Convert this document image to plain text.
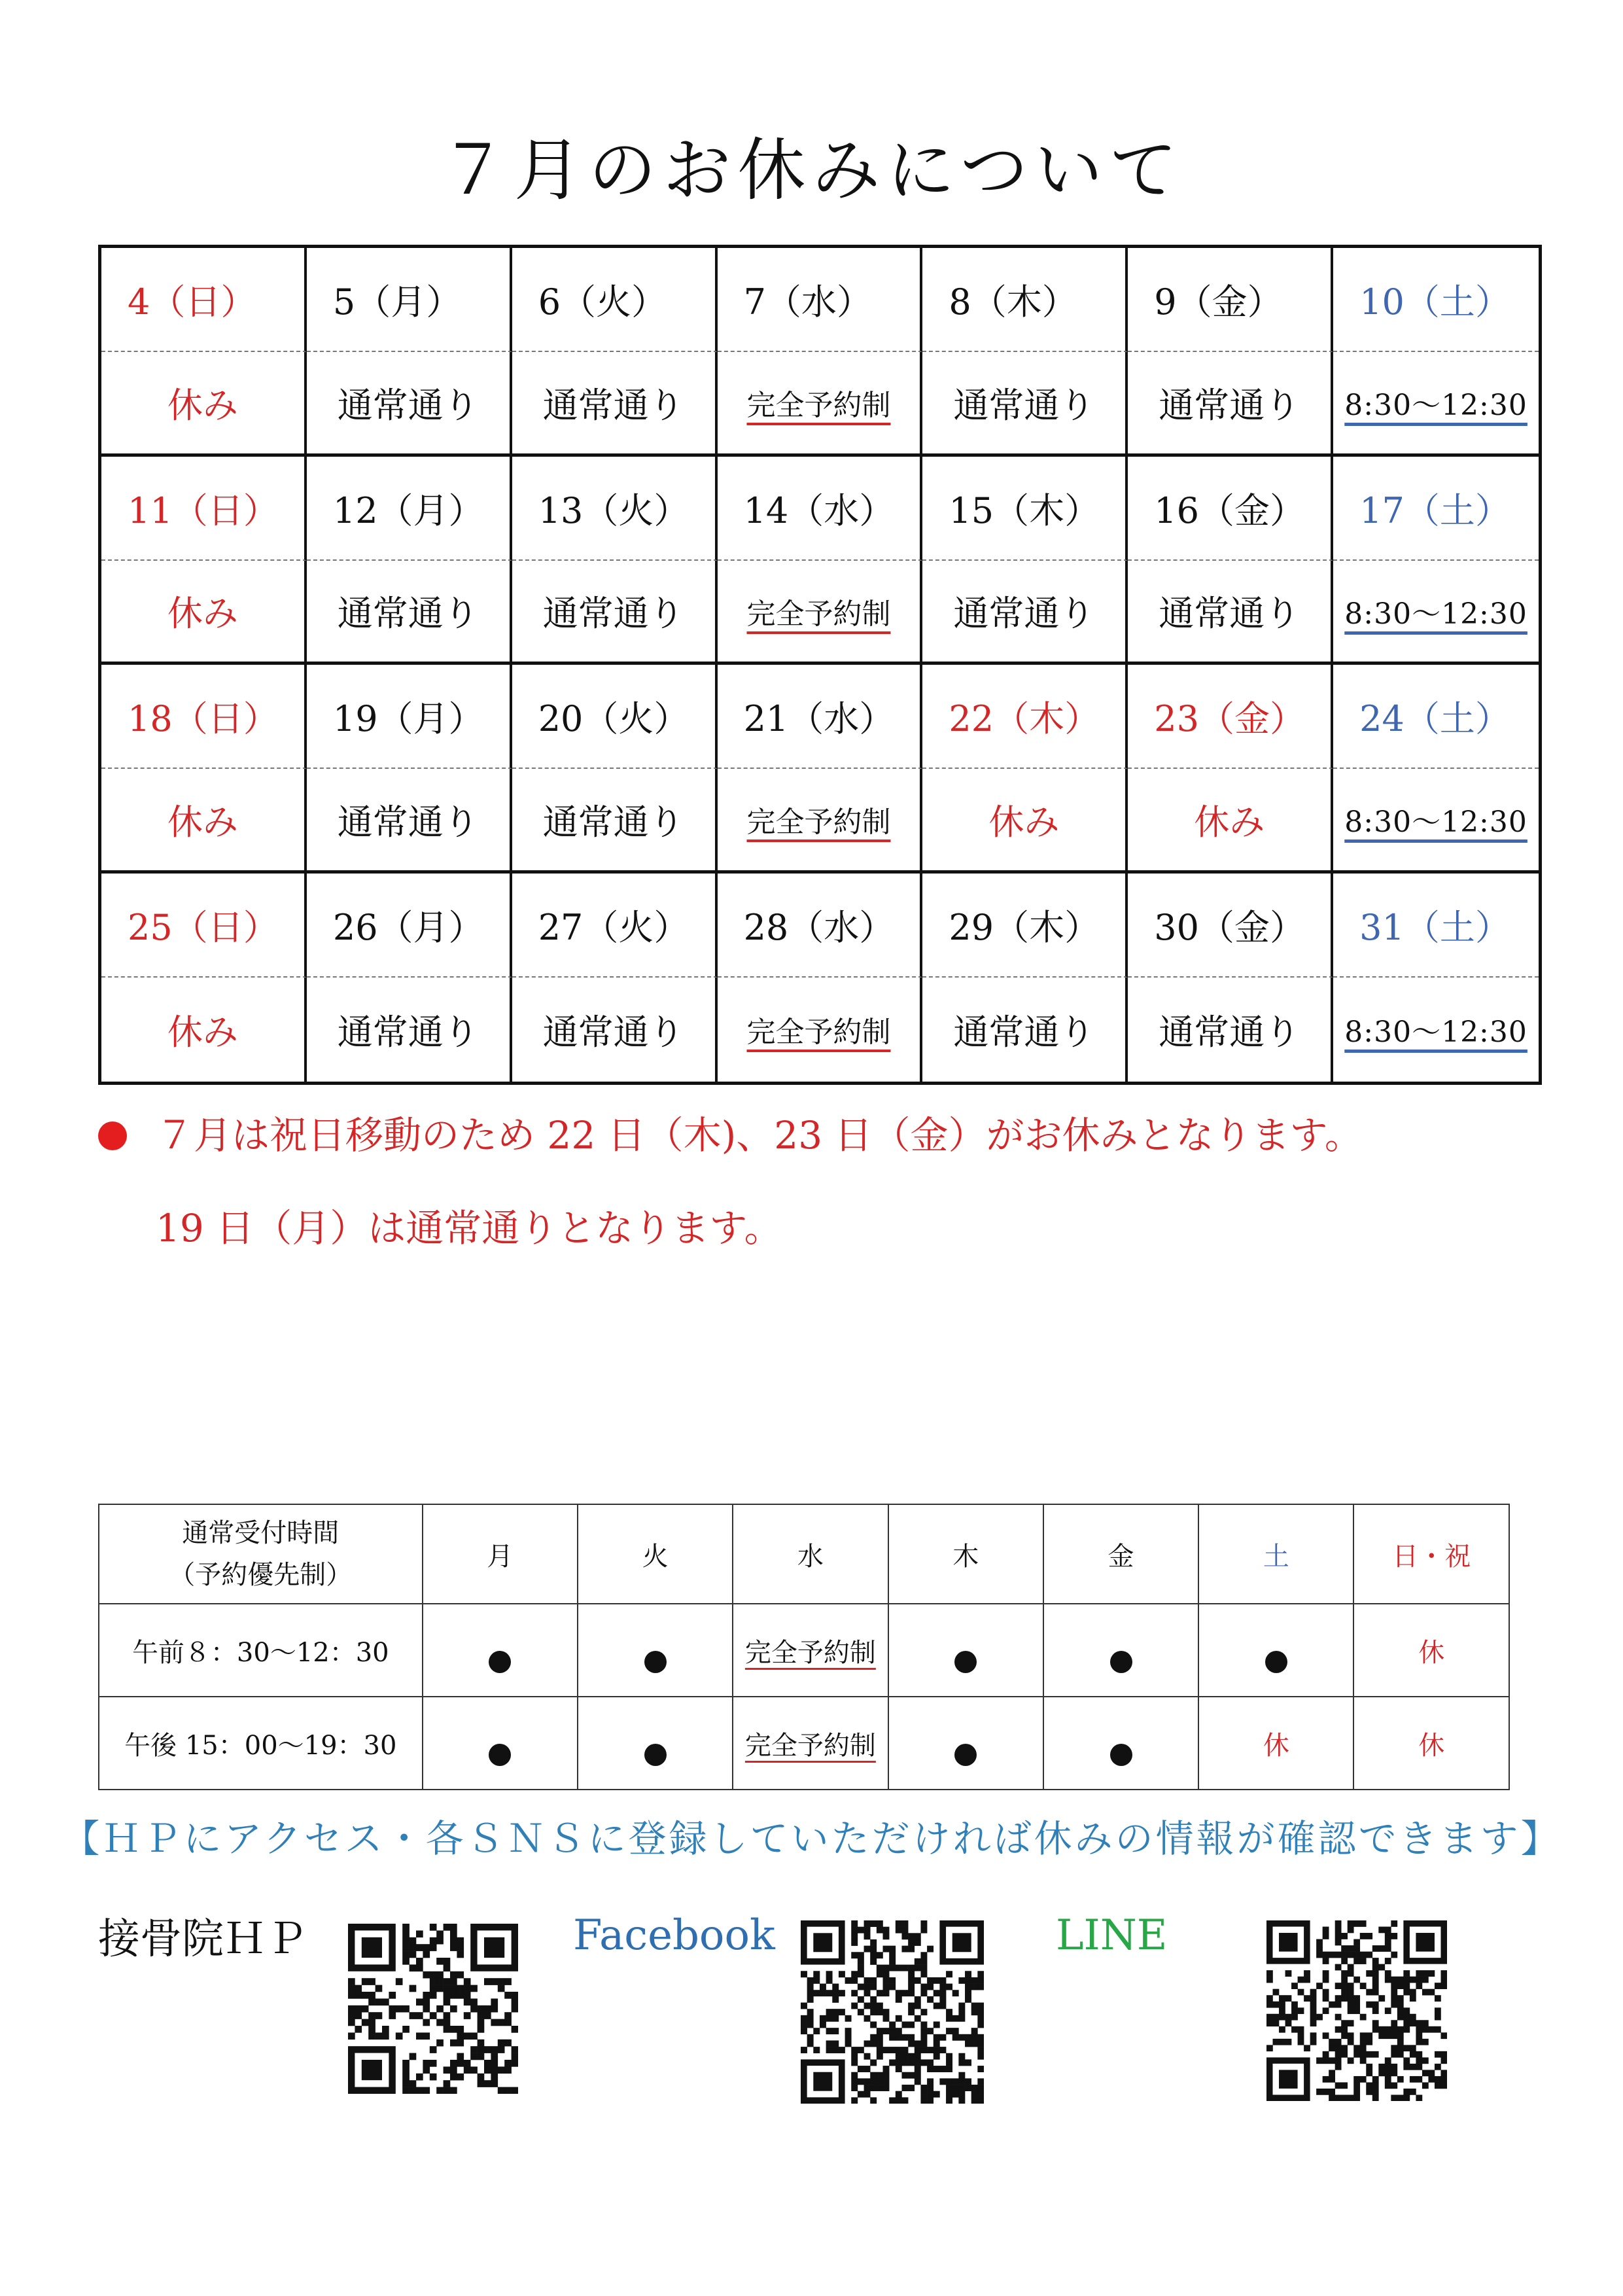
７月のお休みについて
4（日）	5（月）	6（火）	7（水）	8（木）	9（金）	10（土）
休み	通常通り 通常通り 完全予約制 通常通り 通常通り 8:30～12:30
11（日）	12（月）	13（火）	14（水）	15（木）	16（金）	17（土）
休み	通常通り 通常通り 完全予約制 通常通り 通常通り 8:30～12:30
18（日）	19（月）	20（火）	21（水）	22（木）	23（金）	24（土）
休み	通常通り 通常通り 完全予約制	休み	休み	8:30～12:30
25（日）	26（月）	27（火）	28（水）	29（木）	30（金）	31（土）
休み	通常通り 通常通り 完全予約制 通常通り 通常通り 8:30～12:30
７月は祝日移動のため 22 日（木)、23 日（金）がお休みとなります。
19 日（月）は通常通りとなります。
通常受付時間
（予約優先制）	月	火	水	木	金	土	日・祝
午前８：30～12：30			完全予約制				休
午後 15：00～19：30			完全予約制			休	休
【ＨＰにアクセス・各ＳＮＳに登録していただければ休みの情報が確認できます】
接骨院ＨＰ	Facebook	LINE
